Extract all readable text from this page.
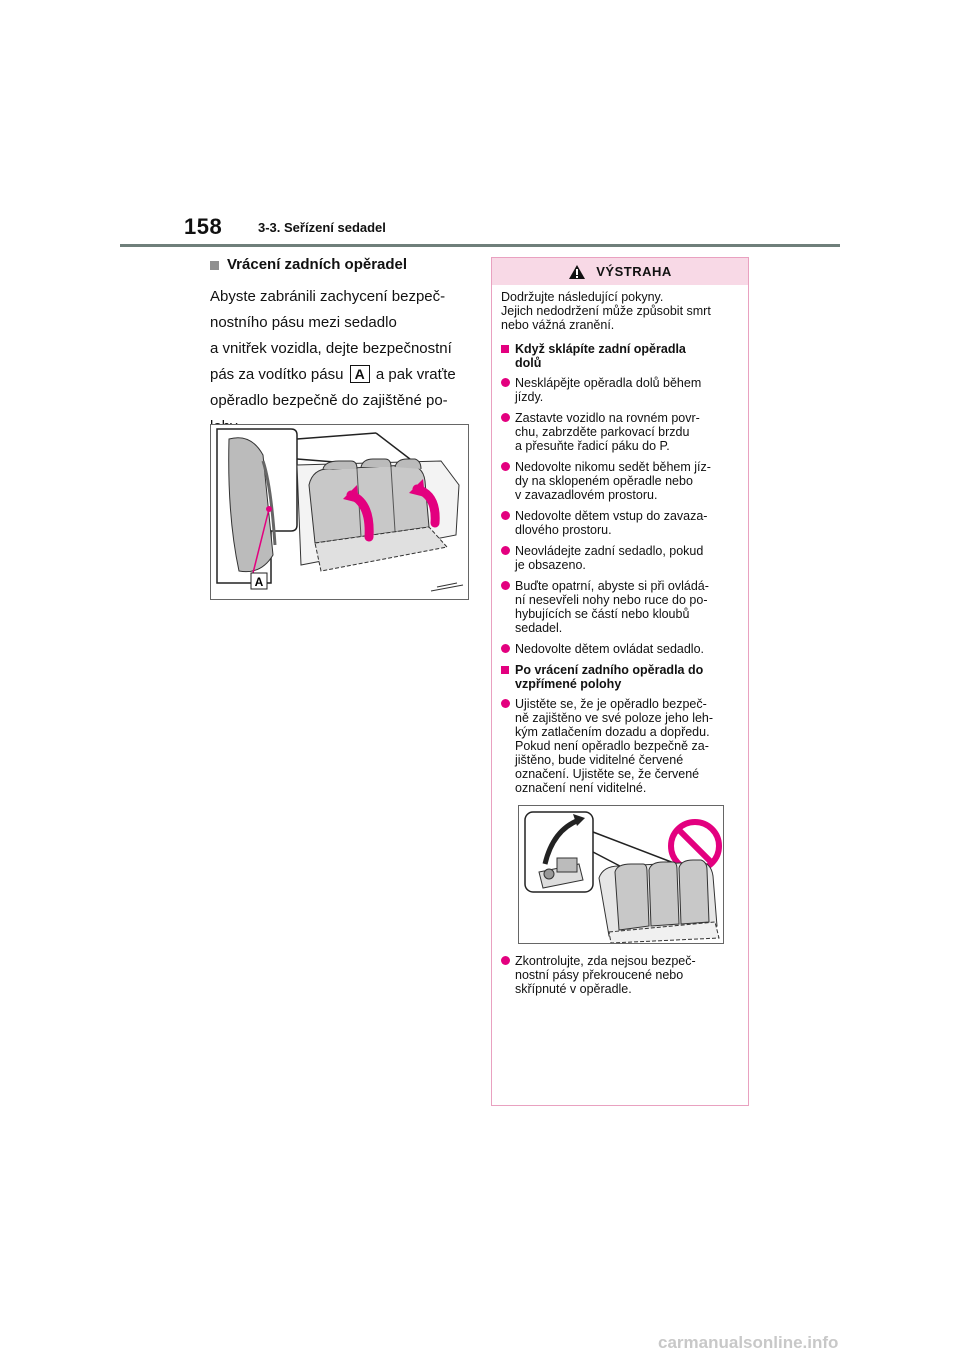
158	3-3. Seřízení sedadel
Vrácení zadních opěradel

Abyste zabránili zachycení bezpeč-
nostního pásu mezi sedadlo
a vnitřek vozidla, dejte bezpečnostní
pás za vodítko pásu A a pak vraťte
opěradlo bezpečně do zajištěné po-

A
VÝSTRAHA

Dodržujte následující pokyny.
Jejich nedodržení může způsobit smrt
nebo vážná zranění.

Když sklápíte zadní opěradla
dolů
Nesklápějte opěradla dolů během
jízdy.
Zastavte vozidlo na rovném povr-
chu, zabrzděte parkovací brzdu
a přesuňte řadicí páku do P.
Nedovolte nikomu sedět během jíz-
dy na sklopeném opěradle nebo
v zavazadlovém prostoru.
Nedovolte dětem vstup do zavaza-
dlového prostoru.
Neovládejte zadní sedadlo, pokud
je obsazeno.
Buďte opatrní, abyste si při ovládá-
ní nesevřeli nohy nebo ruce do po-
hybujících se částí nebo kloubů
sedadel.
Nedovolte dětem ovládat sedadlo.
Po vrácení zadního opěradla do
vzpřímené polohy
Ujistěte se, že je opěradlo bezpeč-
ně zajištěno ve své poloze jeho leh-
kým zatlačením dozadu a dopředu.
Pokud není opěradlo bezpečně za-
jištěno, bude viditelné červené
označení. Ujistěte se, že červené
označení není viditelné.
Zkontrolujte, zda nejsou bezpeč-
nostní pásy překroucené nebo
skřípnuté v opěradle.
carmanualsonline.info
